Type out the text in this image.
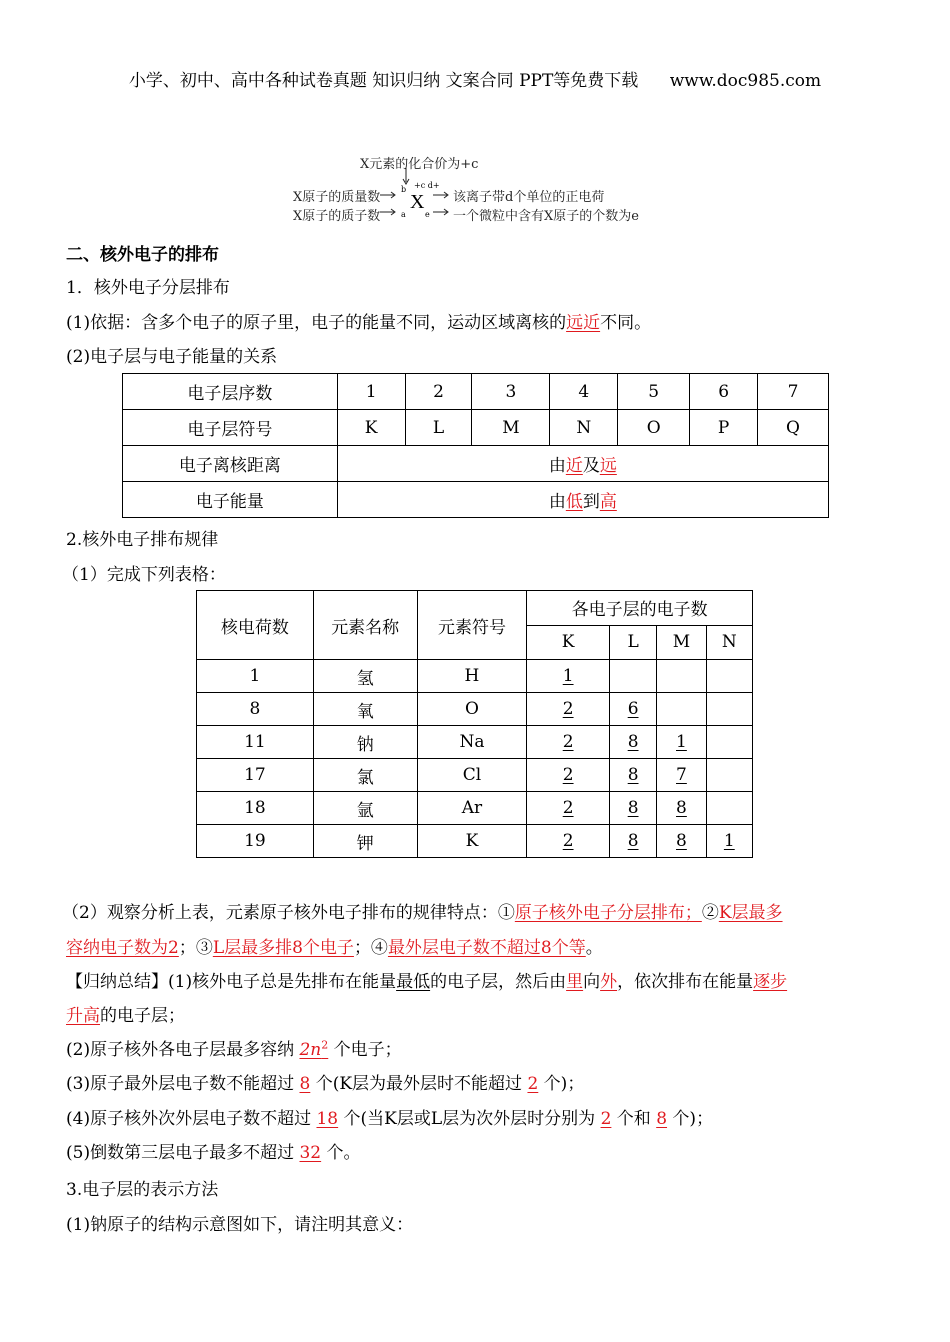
小学、初中、高中各种试卷真题 知识归纳 文案合同 PPT等免费下载 www.doc985.com
X元素的化合价为+c
X原子的质量数
X原子的质子数
b
a
X
+c d+
e
该离子带d个单位的正电荷
一个微粒中含有X原子的个数为e
二、核外电子的排布
1．核外电子分层排布
(1)依据：含多个电子的原子里，电子的能量不同，运动区域离核的远近不同。
(2)电子层与电子能量的关系
电子层序数	1	2	3	4	5	6	7
电子层符号	K	L	M	N	O	P	Q
电子离核距离	由近及远						
电子能量	由低到高						
2.核外电子排布规律
（1）完成下列表格：
核电荷数	元素名称	元素符号	各电子层的电子数			
			K	L	M	N
1	氢	H	1			
8	氧	O	2	6		
11	钠	Na	2	8	1	
17	氯	Cl	2	8	7	
18	氩	Ar	2	8	8	
19	钾	K	2	8	8	1
（2）观察分析上表，元素原子核外电子排布的规律特点：①原子核外电子分层排布；②K层最多
容纳电子数为2；③L层最多排8个电子；④最外层电子数不超过8个等。
【归纳总结】(1)核外电子总是先排布在能量最低的电子层，然后由里向外，依次排布在能量逐步
升高的电子层；
(2)原子核外各电子层最多容纳 $2n^2$ 个电子；
(3)原子最外层电子数不能超过 8 个(K层为最外层时不能超过 2 个)；
(4)原子核外次外层电子数不超过 18 个(当K层或L层为次外层时分别为 2 个和 8 个)；
(5)倒数第三层电子最多不超过 32 个。
3.电子层的表示方法
(1)钠原子的结构示意图如下，请注明其意义：
